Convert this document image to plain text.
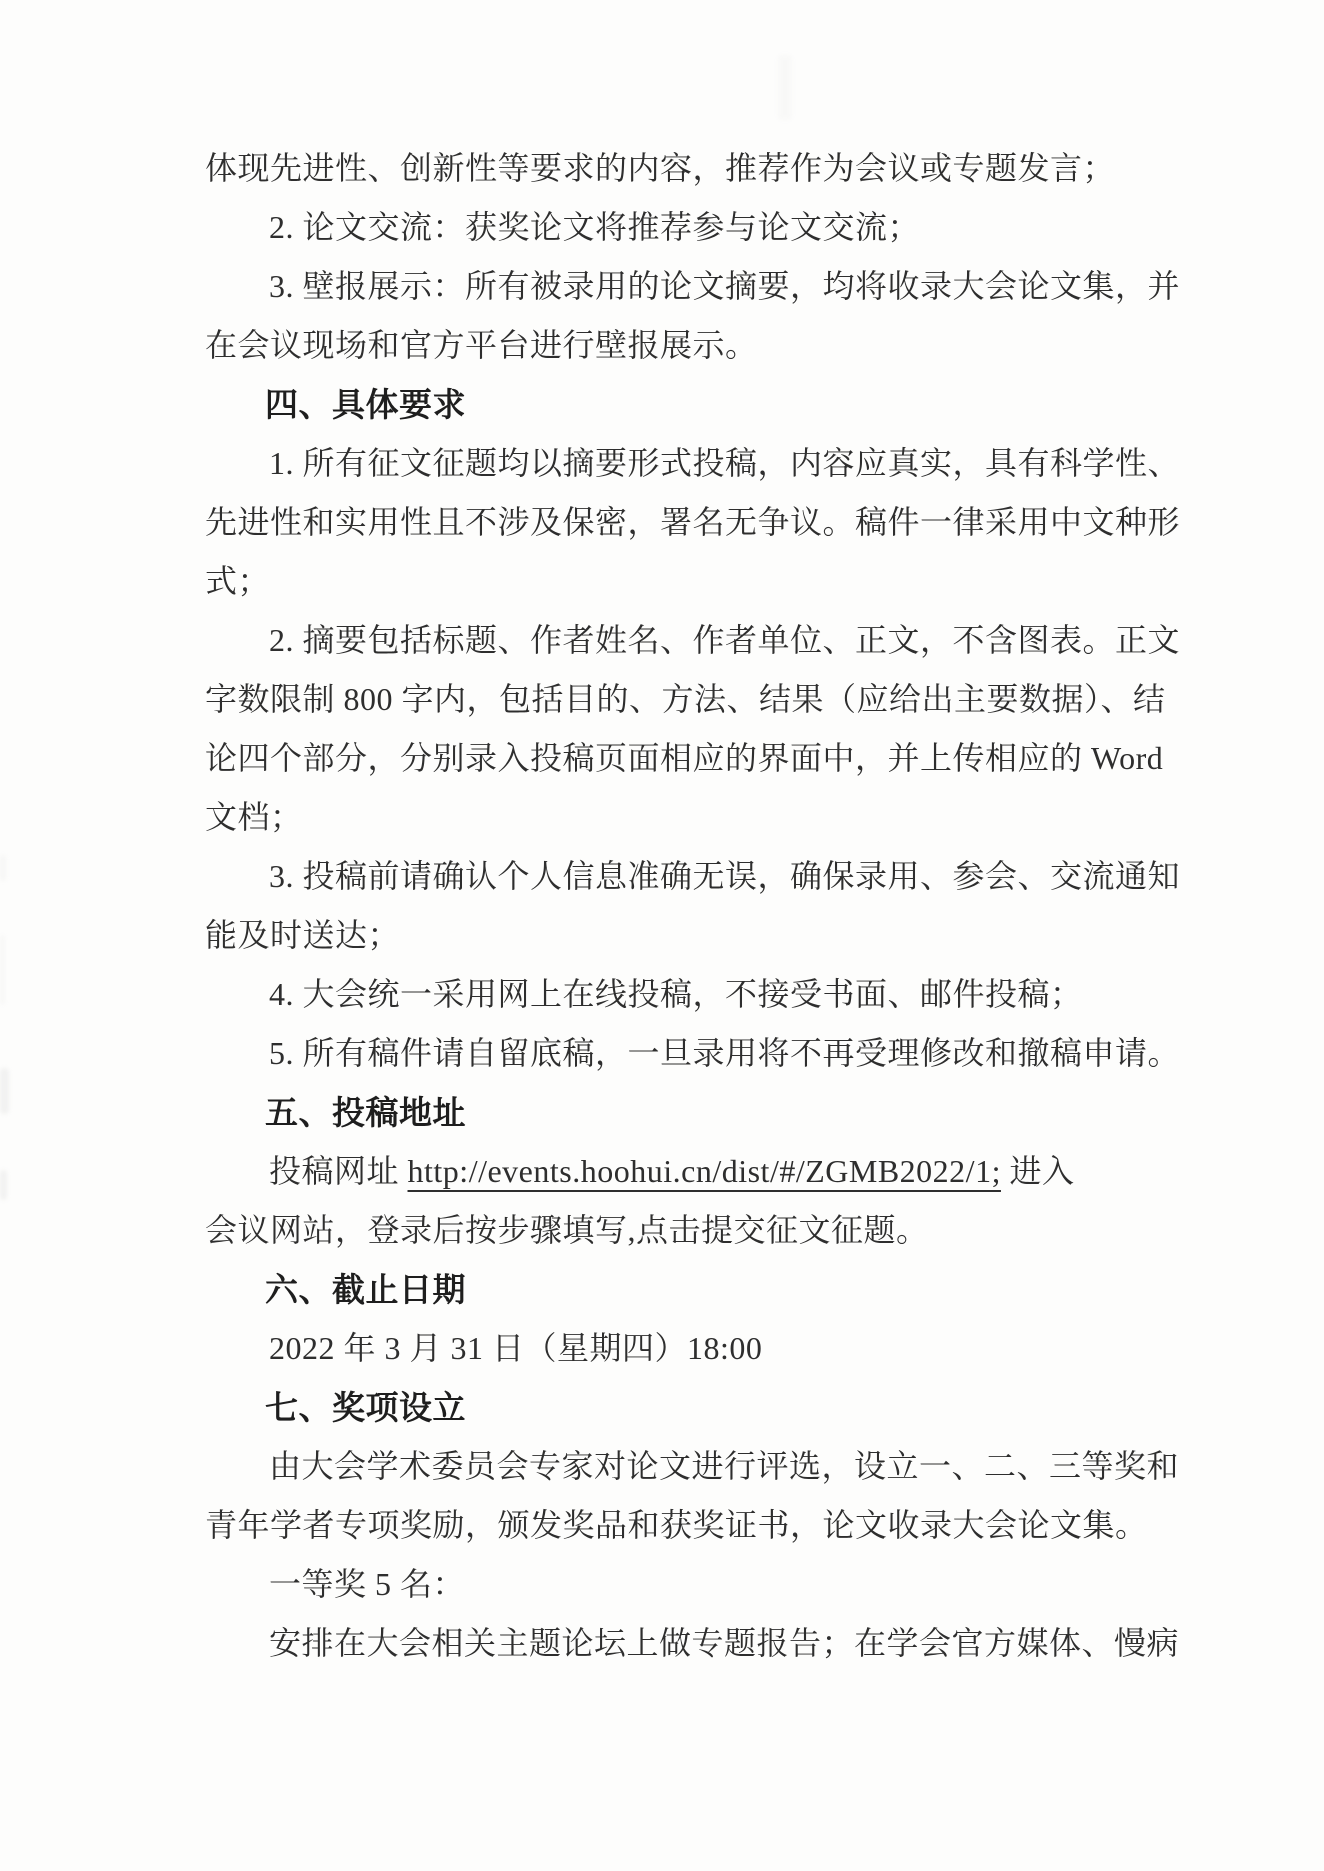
体现先进性、创新性等要求的内容，推荐作为会议或专题发言；
2. 论文交流：获奖论文将推荐参与论文交流；
3. 壁报展示：所有被录用的论文摘要，均将收录大会论文集，并
在会议现场和官方平台进行壁报展示。
四、具体要求
1. 所有征文征题均以摘要形式投稿，内容应真实，具有科学性、
先进性和实用性且不涉及保密，署名无争议。稿件一律采用中文种形
式；
2. 摘要包括标题、作者姓名、作者单位、正文，不含图表。正文
字数限制 800 字内，包括目的、方法、结果（应给出主要数据）、结
论四个部分，分别录入投稿页面相应的界面中，并上传相应的 Word
文档；
3. 投稿前请确认个人信息准确无误，确保录用、参会、交流通知
能及时送达；
4. 大会统一采用网上在线投稿，不接受书面、邮件投稿；
5. 所有稿件请自留底稿，一旦录用将不再受理修改和撤稿申请。
五、投稿地址
投稿网址 http://events.hoohui.cn/dist/#/ZGMB2022/1; 进入
会议网站，登录后按步骤填写,点击提交征文征题。
六、截止日期
2022 年 3 月 31 日（星期四）18:00
七、奖项设立
由大会学术委员会专家对论文进行评选，设立一、二、三等奖和
青年学者专项奖励，颁发奖品和获奖证书，论文收录大会论文集。
一等奖 5 名：
安排在大会相关主题论坛上做专题报告；在学会官方媒体、慢病
